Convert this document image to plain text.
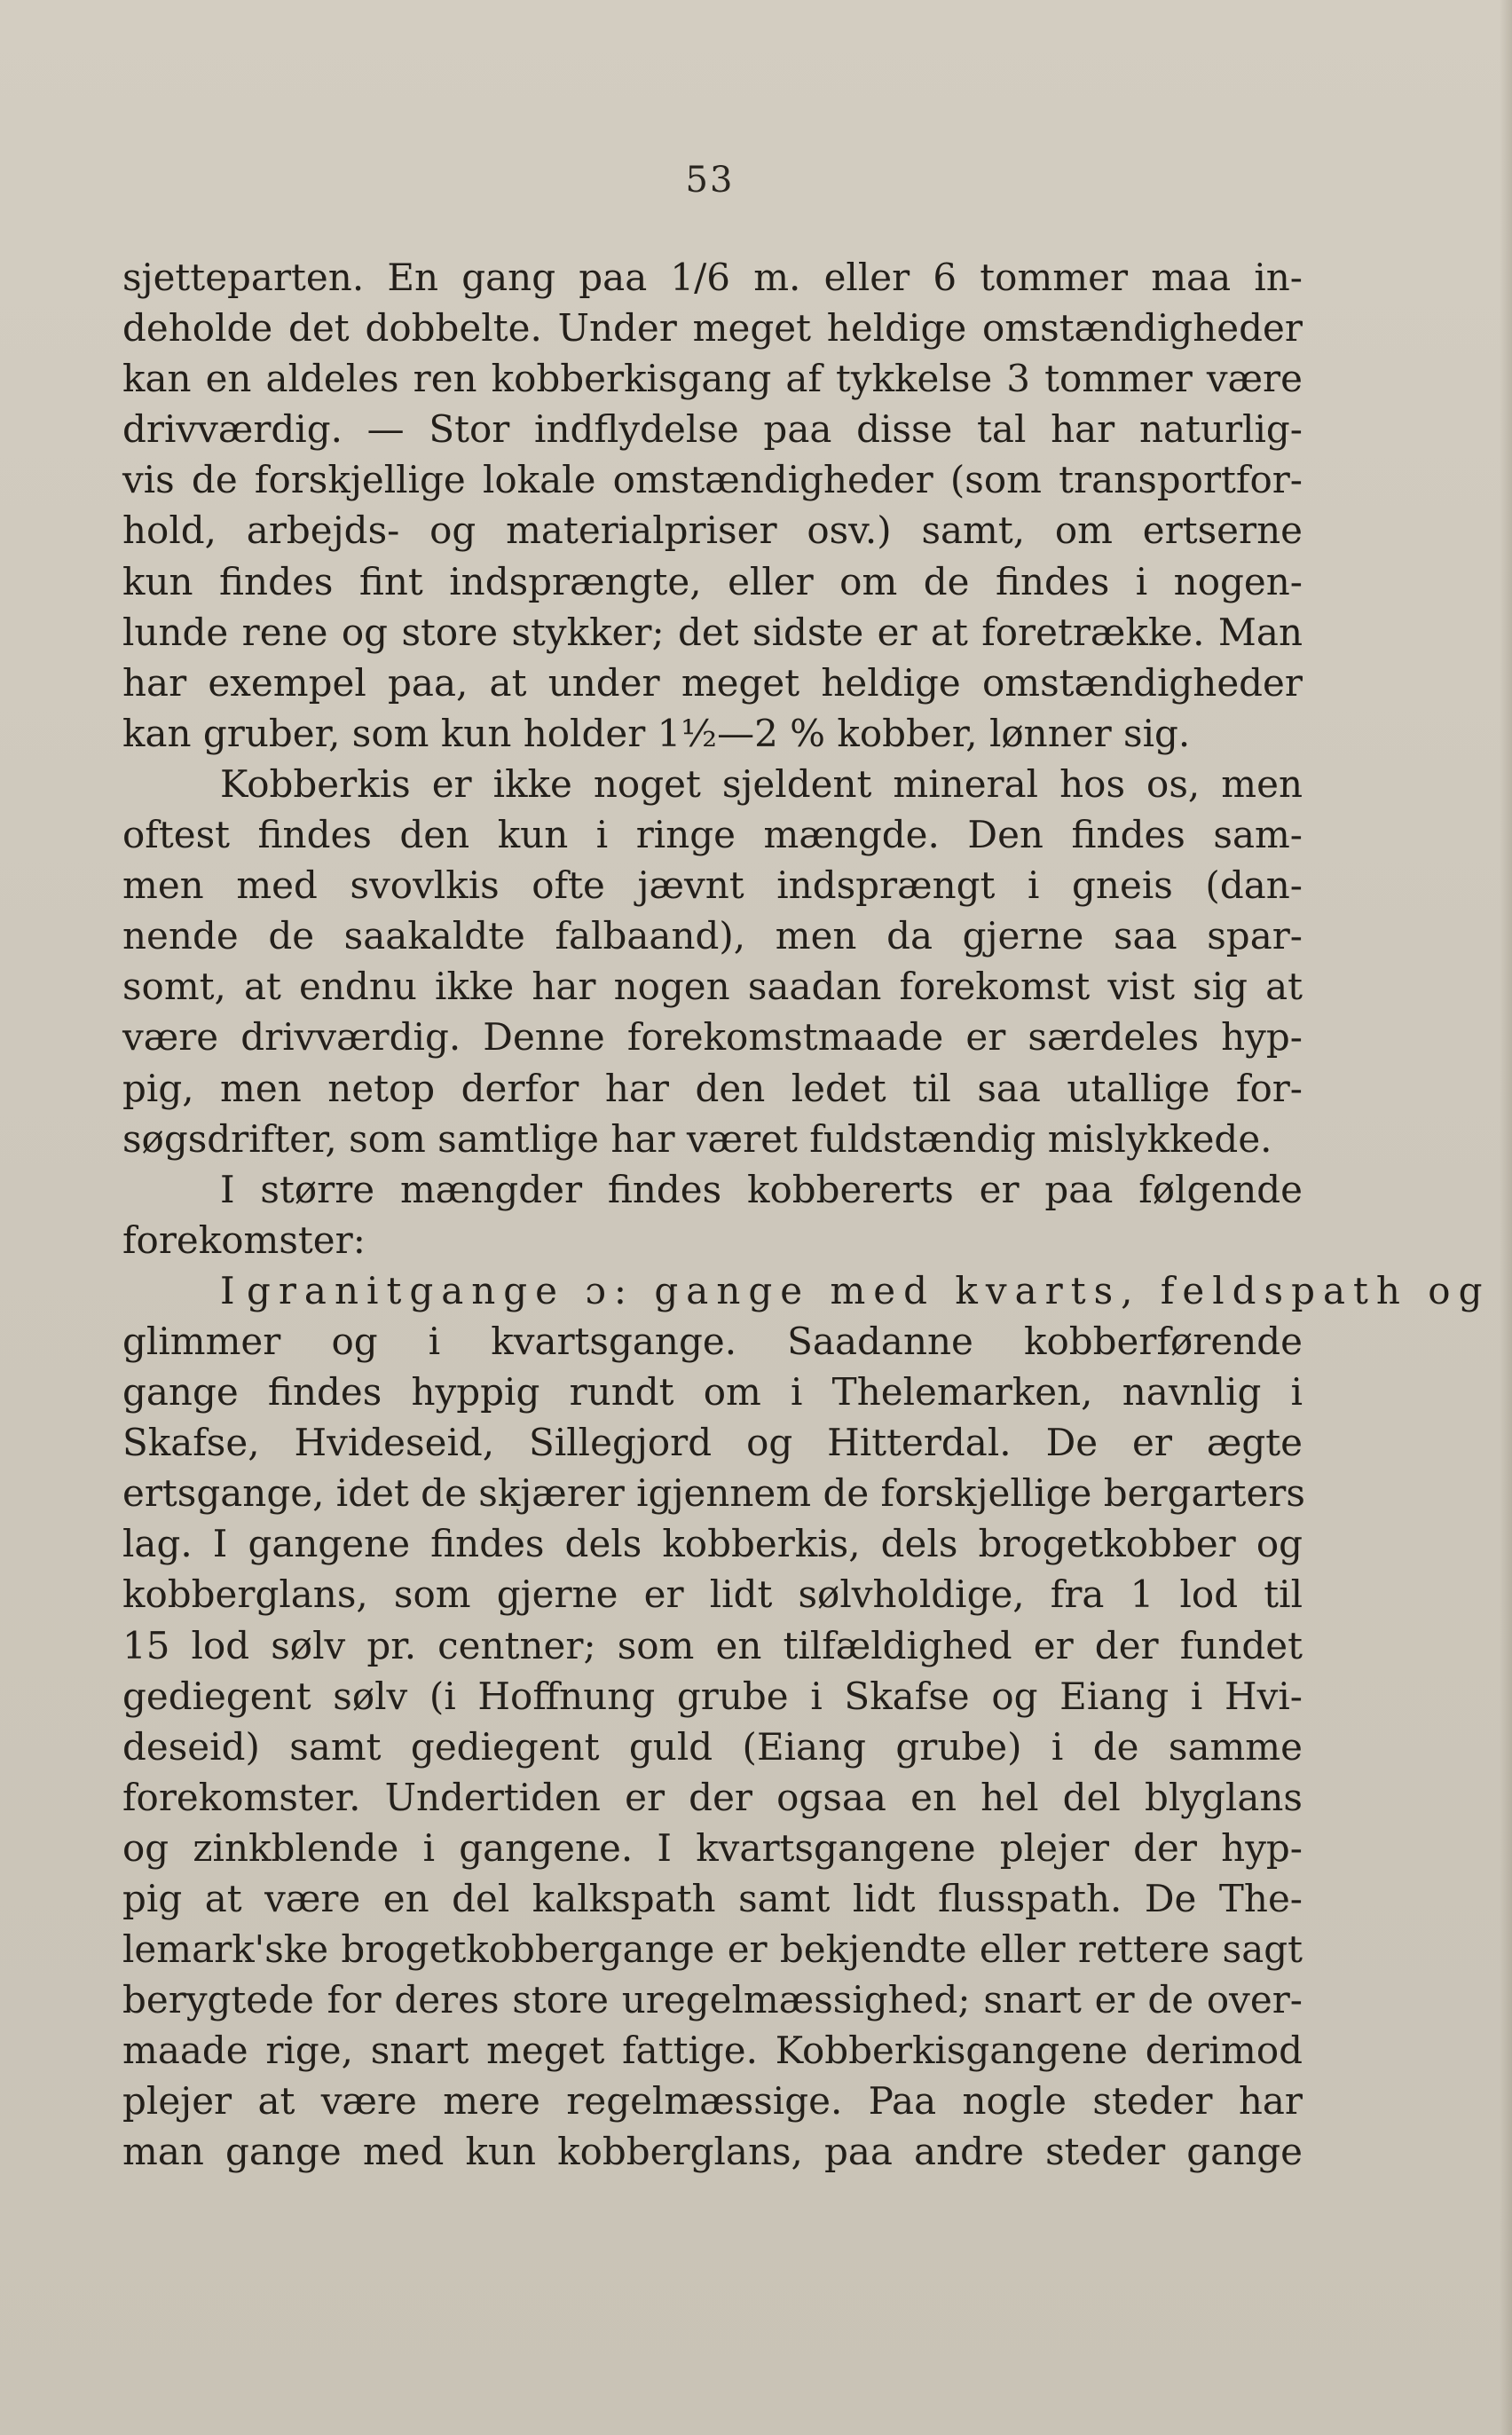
53
sjetteparten. En gang paa 1/6 m. eller 6 tommer maa in-
deholde det dobbelte. Under meget heldige omstændigheder
kan en aldeles ren kobberkisgang af tykkelse 3 tommer være
drivværdig. — Stor indflydelse paa disse tal har naturlig-
vis de forskjellige lokale omstændigheder (som transportfor-
hold, arbejds- og materialpriser osv.) samt, om ertserne
kun findes fint indsprængte, eller om de findes i nogen-
lunde rene og store stykker; det sidste er at foretrække. Man
har exempel paa, at under meget heldige omstændigheder
kan gruber, som kun holder 1½—2 % kobber, lønner sig.
Kobberkis er ikke noget sjeldent mineral hos os, men
oftest findes den kun i ringe mængde. Den findes sam-
men med svovlkis ofte jævnt indsprængt i gneis (dan-
nende de saakaldte falbaand), men da gjerne saa spar-
somt, at endnu ikke har nogen saadan forekomst vist sig at
være drivværdig. Denne forekomstmaade er særdeles hyp-
pig, men netop derfor har den ledet til saa utallige for-
søgsdrifter, som samtlige har været fuldstændig mislykkede.
I større mængder findes kobbererts er paa følgende
forekomster:
I granitgange ɔ: gange med kvarts, feldspath og
glimmer og i kvartsgange. Saadanne kobberførende
gange findes hyppig rundt om i Thelemarken, navnlig i
Skafse, Hvideseid, Sillegjord og Hitterdal. De er ægte
ertsgange, idet de skjærer igjennem de forskjellige bergarters
lag. I gangene findes dels kobberkis, dels brogetkobber og
kobberglans, som gjerne er lidt sølvholdige, fra 1 lod til
15 lod sølv pr. centner; som en tilfældighed er der fundet
gediegent sølv (i Hoffnung grube i Skafse og Eiang i Hvi-
deseid) samt gediegent guld (Eiang grube) i de samme
forekomster. Undertiden er der ogsaa en hel del blyglans
og zinkblende i gangene. I kvartsgangene plejer der hyp-
pig at være en del kalkspath samt lidt flusspath. De The-
lemark'ske brogetkobbergange er bekjendte eller rettere sagt
berygtede for deres store uregelmæssighed; snart er de over-
maade rige, snart meget fattige. Kobberkisgangene derimod
plejer at være mere regelmæssige. Paa nogle steder har
man gange med kun kobberglans, paa andre steder gange
